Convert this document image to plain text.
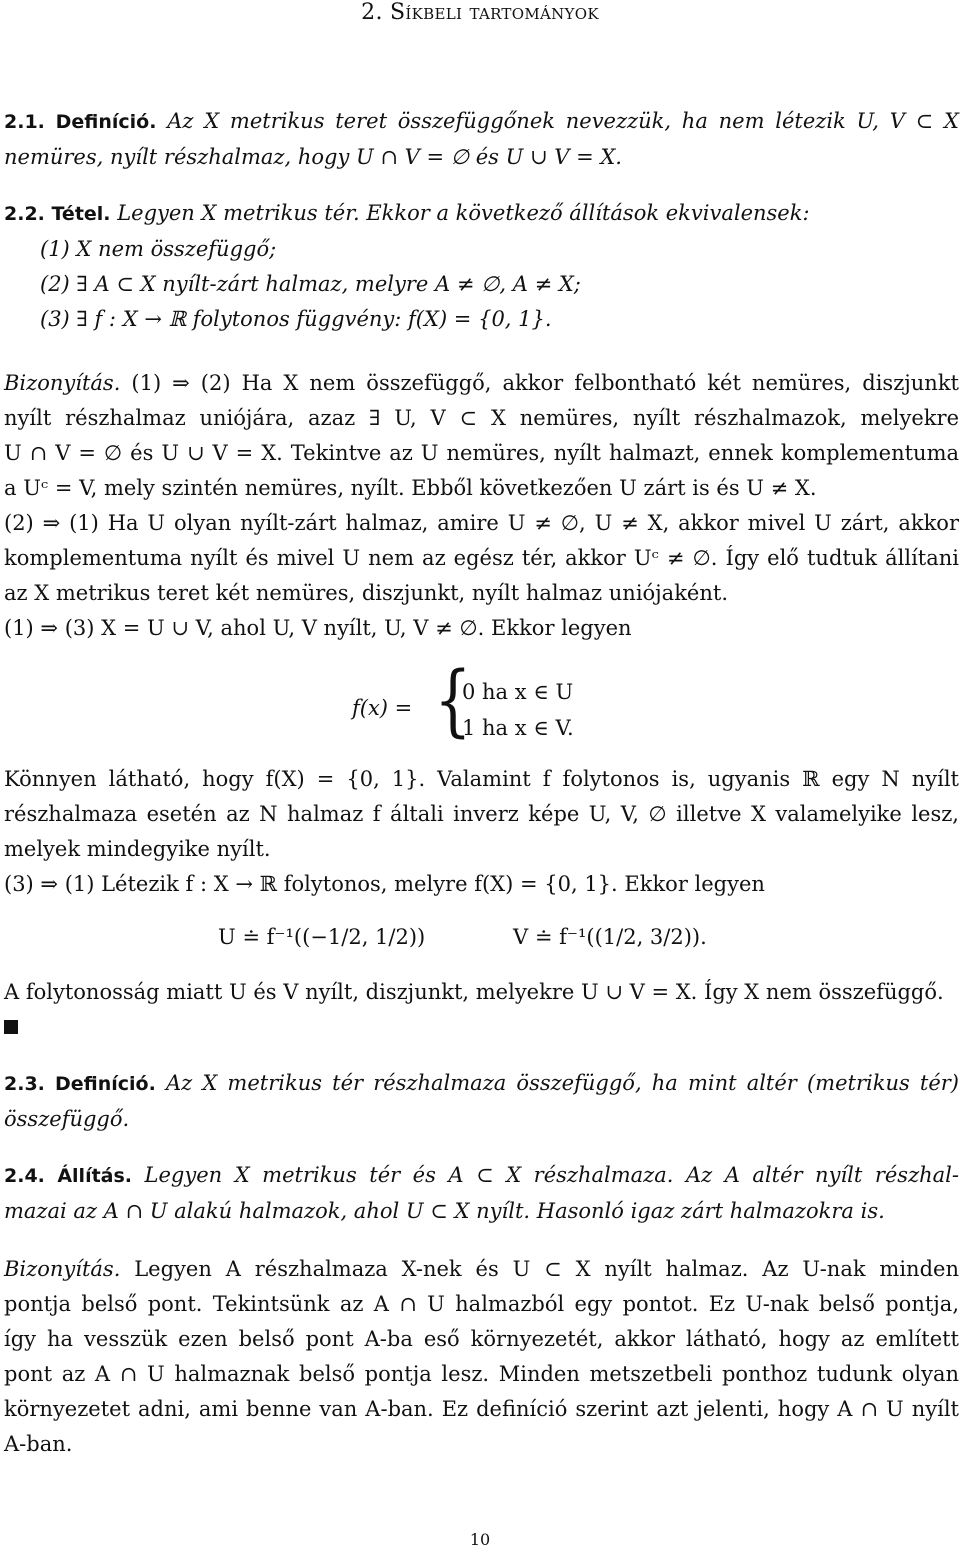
2. Síkbeli tartományok
2.1. Definíció. Az X metrikus teret összefüggőnek nevezzük, ha nem létezik U, V ⊂ X
nemüres, nyílt részhalmaz, hogy U ∩ V = ∅ és U ∪ V = X.
2.2. Tétel. Legyen X metrikus tér. Ekkor a következő állítások ekvivalensek:
(1) X nem összefüggő;
(2) ∃ A ⊂ X nyílt-zárt halmaz, melyre A ≠ ∅, A ≠ X;
(3) ∃ f : X → ℝ folytonos függvény: f(X) = {0, 1}.
Bizonyítás. (1) ⇒ (2) Ha X nem összefüggő, akkor felbontható két nemüres, diszjunkt
nyílt részhalmaz uniójára, azaz ∃ U, V ⊂ X nemüres, nyílt részhalmazok, melyekre
U ∩ V = ∅ és U ∪ V = X. Tekintve az U nemüres, nyílt halmazt, ennek komplementuma
a Uᶜ = V, mely szintén nemüres, nyílt. Ebből következően U zárt is és U ≠ X.
(2) ⇒ (1) Ha U olyan nyílt-zárt halmaz, amire U ≠ ∅, U ≠ X, akkor mivel U zárt, akkor
komplementuma nyílt és mivel U nem az egész tér, akkor Uᶜ ≠ ∅. Így elő tudtuk állítani
az X metrikus teret két nemüres, diszjunkt, nyílt halmaz uniójaként.
(1) ⇒ (3) X = U ∪ V, ahol U, V nyílt, U, V ≠ ∅. Ekkor legyen
f(x) = {
0 ha x ∈ U
1 ha x ∈ V.
Könnyen látható, hogy f(X) = {0, 1}. Valamint f folytonos is, ugyanis ℝ egy N nyílt
részhalmaza esetén az N halmaz f általi inverz képe U, V, ∅ illetve X valamelyike lesz,
melyek mindegyike nyílt.
(3) ⇒ (1) Létezik f : X → ℝ folytonos, melyre f(X) = {0, 1}. Ekkor legyen
U ≐ f⁻¹((−1/2, 1/2))	V ≐ f⁻¹((1/2, 3/2)).
A folytonosság miatt U és V nyílt, diszjunkt, melyekre U ∪ V = X. Így X nem összefüggő.
2.3. Definíció. Az X metrikus tér részhalmaza összefüggő, ha mint altér (metrikus tér)
összefüggő.
2.4. Állítás. Legyen X metrikus tér és A ⊂ X részhalmaza. Az A altér nyílt részhal-
mazai az A ∩ U alakú halmazok, ahol U ⊂ X nyílt. Hasonló igaz zárt halmazokra is.
Bizonyítás. Legyen A részhalmaza X-nek és U ⊂ X nyílt halmaz. Az U-nak minden
pontja belső pont. Tekintsünk az A ∩ U halmazból egy pontot. Ez U-nak belső pontja,
így ha vesszük ezen belső pont A-ba eső környezetét, akkor látható, hogy az említett
pont az A ∩ U halmaznak belső pontja lesz. Minden metszetbeli ponthoz tudunk olyan
környezetet adni, ami benne van A-ban. Ez definíció szerint azt jelenti, hogy A ∩ U nyílt
A-ban.
10
